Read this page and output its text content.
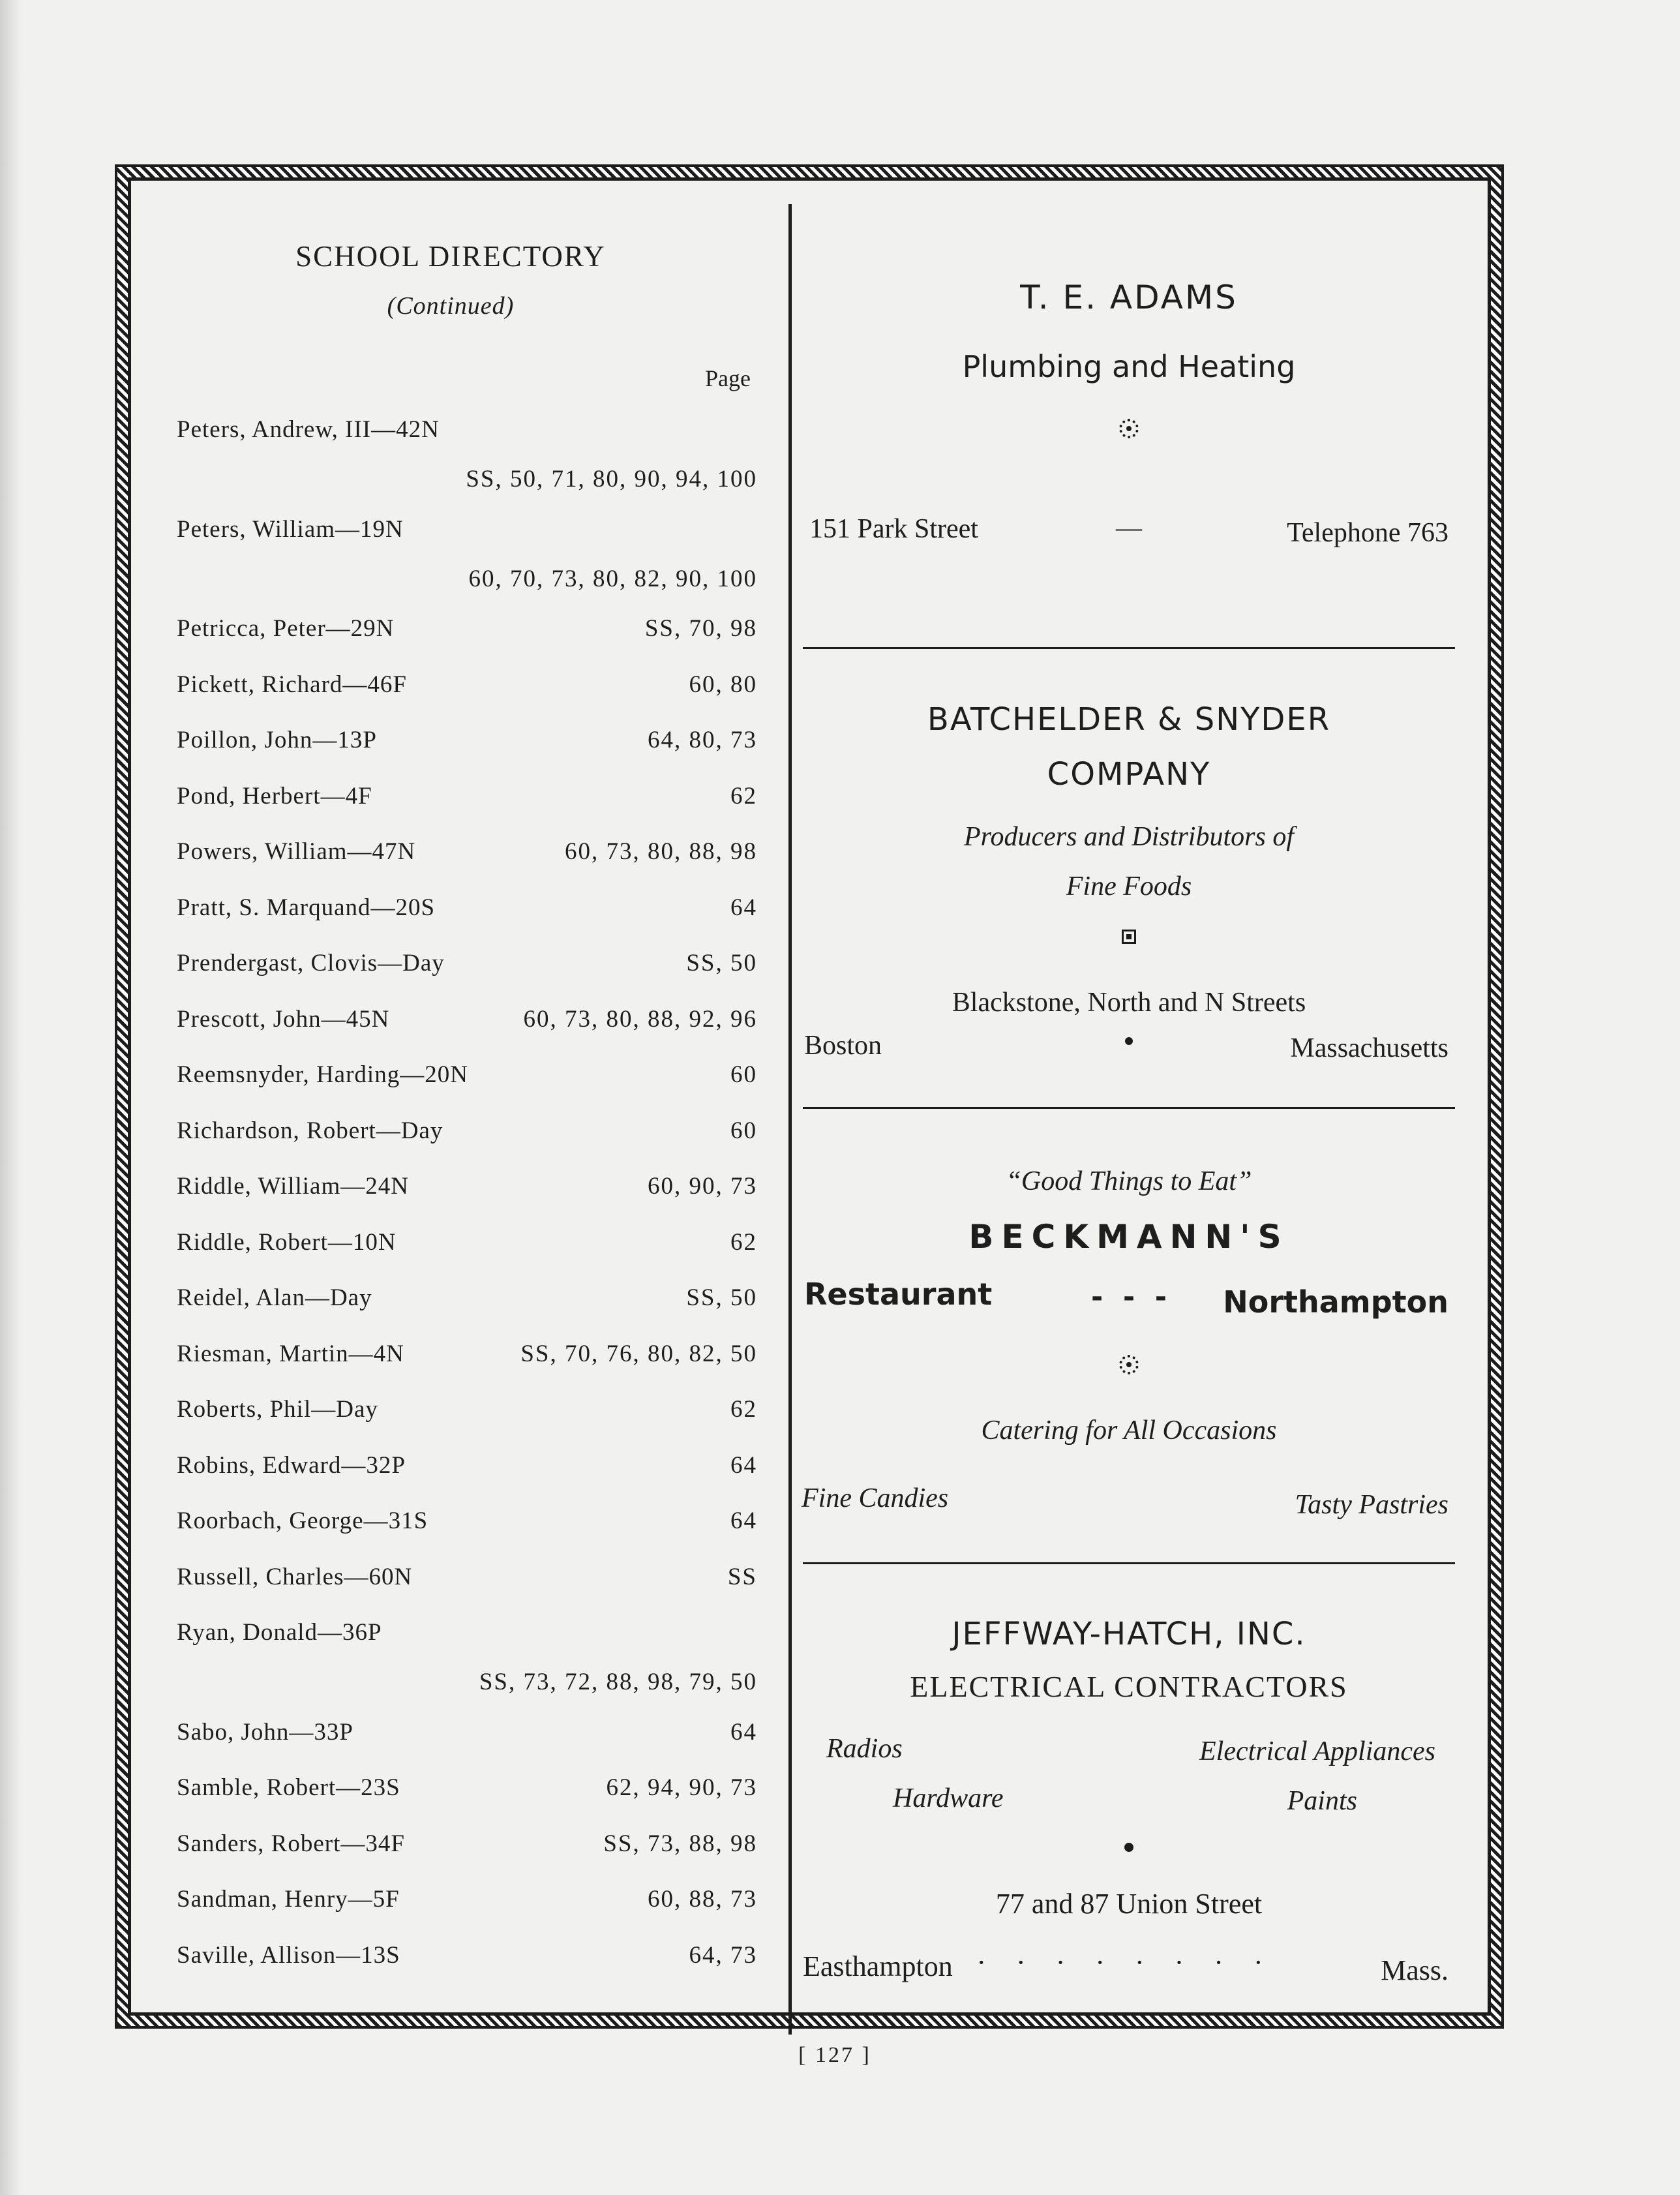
SCHOOL DIRECTORY
(Continued)
Page
T. E. ADAMS
Plumbing and Heating
151 Park Street	—	Telephone 763
BATCHELDER & SNYDER
COMPANY
Producers and Distributors of
Fine Foods
Blackstone, North and N Streets
Boston	Massachusetts
“Good Things to Eat”
BECKMANN'S
Restaurant	-  -  -	Northampton
Catering for All Occasions
Fine Candies	Tasty Pastries
JEFFWAY-HATCH, INC.
ELECTRICAL CONTRACTORS
Radios	Electrical Appliances
Hardware	Paints
77 and 87 Union Street
Easthampton ·  ·  ·  ·  ·  ·  ·  ·	Mass.
Peters, Andrew, III—42N
SS, 50, 71, 80, 90, 94, 100
Peters, William—19N
60, 70, 73, 80, 82, 90, 100
Petricca, Peter—29N	SS, 70, 98
Pickett, Richard—46F	60, 80
Poillon, John—13P	64, 80, 73
Pond, Herbert—4F	62
Powers, William—47N	60, 73, 80, 88, 98
Pratt, S. Marquand—20S	64
Prendergast, Clovis—Day	SS, 50
Prescott, John—45N	60, 73, 80, 88, 92, 96
Reemsnyder, Harding—20N	60
Richardson, Robert—Day	60
Riddle, William—24N	60, 90, 73
Riddle, Robert—10N	62
Reidel, Alan—Day	SS, 50
Riesman, Martin—4N	SS, 70, 76, 80, 82, 50
Roberts, Phil—Day	62
Robins, Edward—32P	64
Roorbach, George—31S	64
Russell, Charles—60N	SS
Ryan, Donald—36P
SS, 73, 72, 88, 98, 79, 50
Sabo, John—33P	64
Samble, Robert—23S	62, 94, 90, 73
Sanders, Robert—34F	SS, 73, 88, 98
Sandman, Henry—5F	60, 88, 73
Saville, Allison—13S	64, 73
[ 127 ]
